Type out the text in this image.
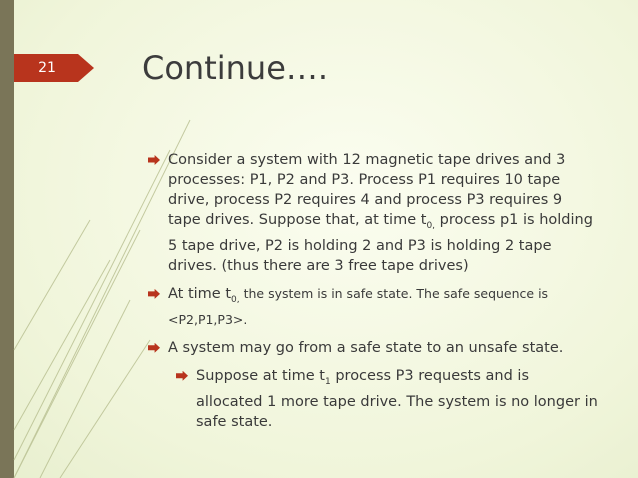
21	Continue….
Consider a system with 12 magnetic tape drives and 3 processes: P1, P2 and P3. Process P1 requires 10 tape drive, process P2 requires 4 and process P3 requires 9 tape drives. Suppose that, at time $t_{0,}$ process p1 is holding 5 tape drive, P2 is holding 2 and P3 is holding 2 tape drives. (thus there are 3 free tape drives)
At time $t_{0,}$ the system is in safe state. The safe sequence is <P2,P1,P3>.
A system may go from a safe state to an unsafe state.
Suppose at time $t_1$ process P3 requests and is allocated 1 more tape drive. The system is no longer in safe state.
